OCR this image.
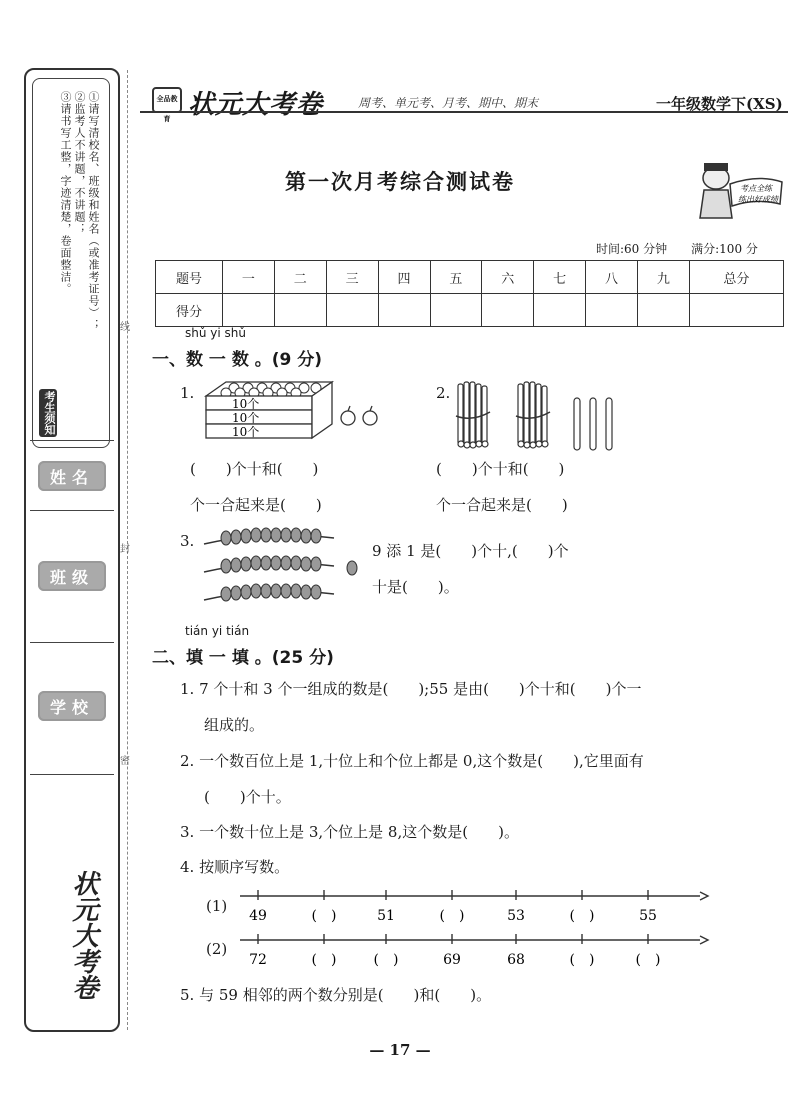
①请写清校名、班级和姓名（或准考证号）；
②监考人不讲题，不讲题；
③请书写工整，字迹清楚，卷面整洁。
考生须知
姓名
班级
学校
状元大考卷
线
封
密
全品教育 状元大考卷	周考、单元考、月考、期中、期末	一年级数学下(XS)
第一次月考综合测试卷	考点全练
练出好成绩
时间:60 分钟　　满分:100 分
题号	一	二	三	四	五	六	七	八	九	总分
得分										
shǔ yi shǔ
一、数 一 数 。(9 分)
1.
10个
10个
10个
(　　)个十和(　　)
个一合起来是(　　)
2.
(　　)个十和(　　)
个一合起来是(　　)
3.
9 添 1 是(　　)个十,(　　)个
十是(　　)。
tián yi tián
二、填 一 填 。(25 分)
1. 7 个十和 3 个一组成的数是(　　);55 是由(　　)个十和(　　)个一
组成的。
2. 一个数百位上是 1,十位上和个位上都是 0,这个数是(　　),它里面有
(　　)个十。
3. 一个数十位上是 3,个位上是 8,这个数是(　　)。
4. 按顺序写数。
(1)
49	(　)	51	(　)	53	(　)	55
(2)
72	(　)	(　)	69	68	(　)	(　)
5. 与 59 相邻的两个数分别是(　　)和(　　)。
— 17 —
